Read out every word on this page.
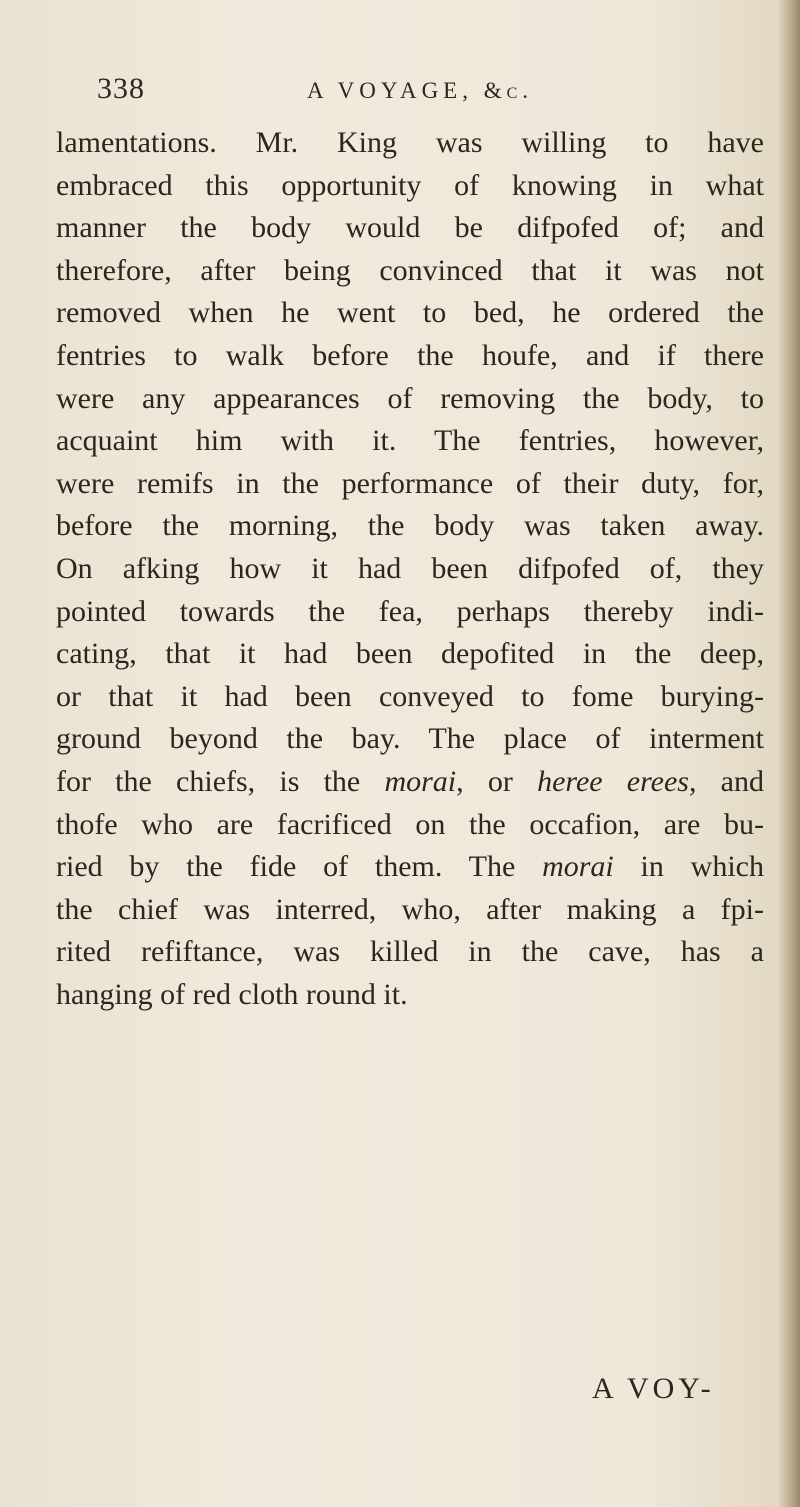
338	A VOYAGE, &c.
lamentations. Mr. King was willing to have
embraced this opportunity of knowing in what
manner the body would be difpofed of; and
therefore, after being convinced that it was not
removed when he went to bed, he ordered the
fentries to walk before the houfe, and if there
were any appearances of removing the body, to
acquaint him with it. The fentries, however,
were remifs in the performance of their duty, for,
before the morning, the body was taken away.
On afking how it had been difpofed of, they
pointed towards the fea, perhaps thereby indi-
cating, that it had been depofited in the deep,
or that it had been conveyed to fome burying-
ground beyond the bay. The place of interment
for the chiefs, is the morai, or heree erees, and
thofe who are facrificed on the occafion, are bu-
ried by the fide of them. The morai in which
the chief was interred, who, after making a fpi-
rited refiftance, was killed in the cave, has a
hanging of red cloth round it.
A VOY-
